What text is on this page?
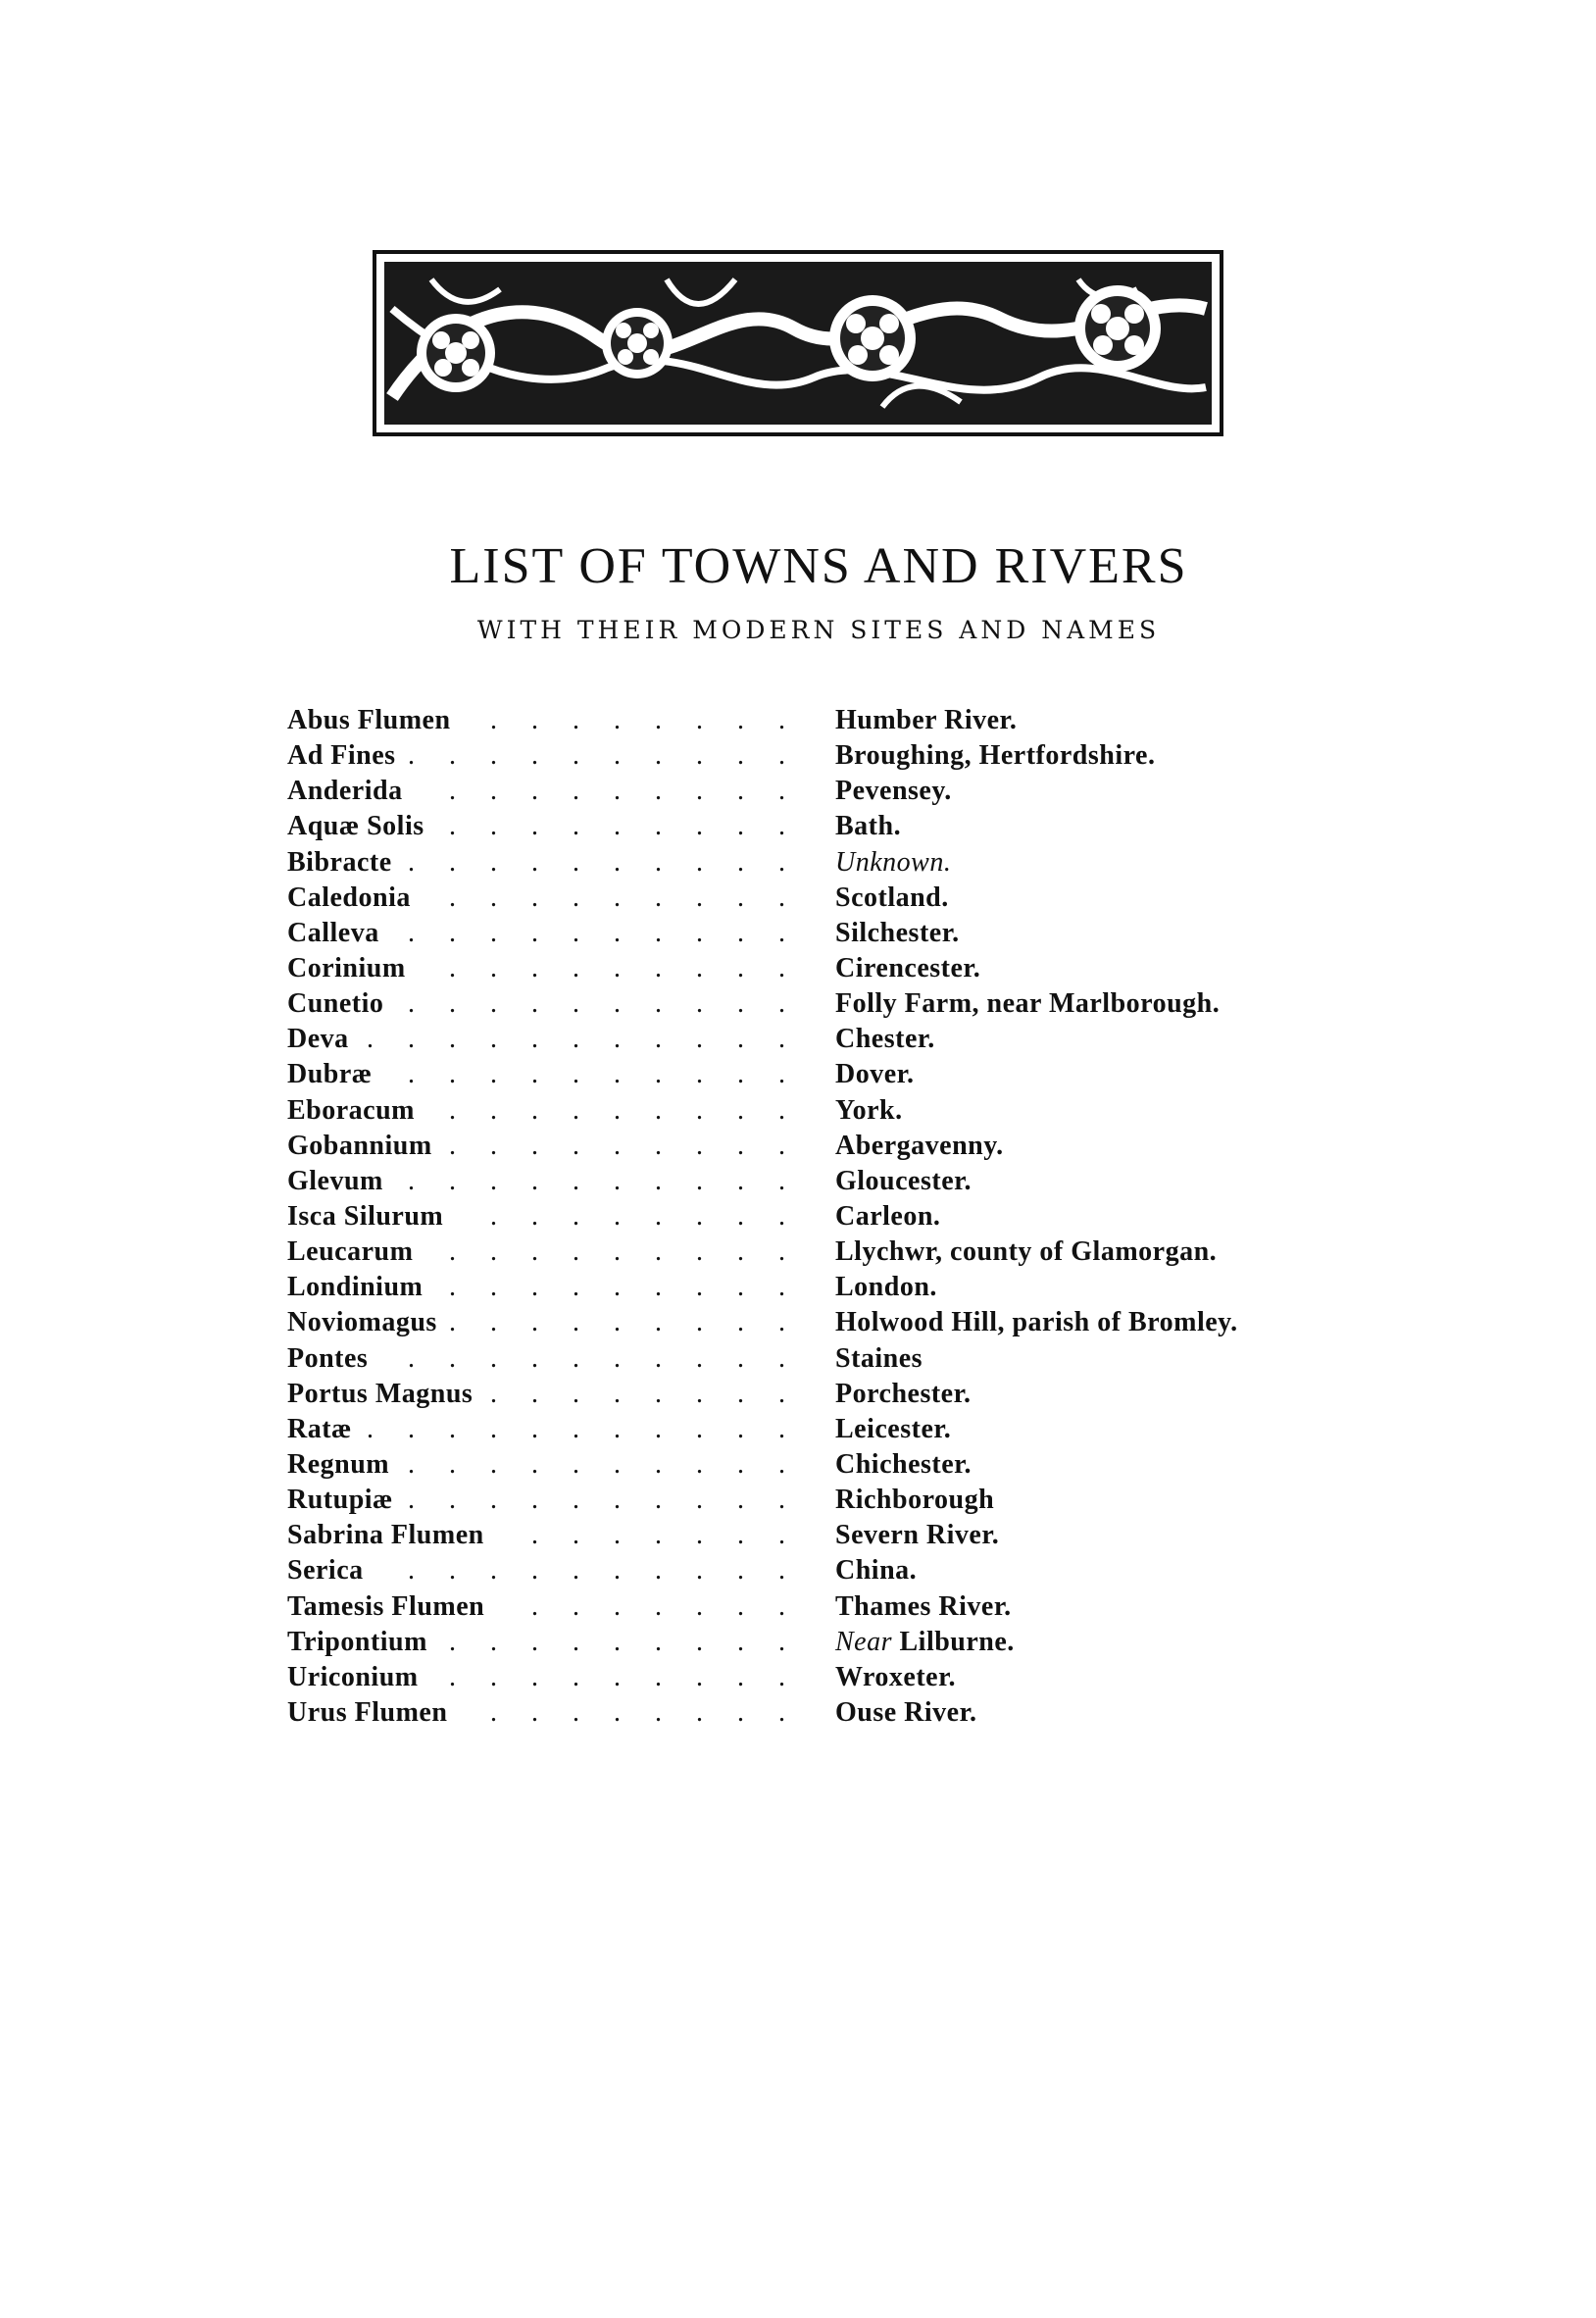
LIST OF TOWNS AND RIVERS
WITH THEIR MODERN SITES AND NAMES
Abus Flumen	. . . . . . . . Humber River.
Ad Fines . . . . . . . . . . Broughing, Hertfordshire.
Anderida	. . . . . . . . . Pevensey.
Aquæ Solis . . . . . . . . . Bath.
Bibracte . . . . . . . . . . Unknown.
Caledonia	. . . . . . . . . Scotland.
Calleva	. . . . . . . . . . Silchester.
Corinium	. . . . . . . . . Cirencester.
Cunetio . . . . . . . . . . Folly Farm, near Marlborough.
Deva . . . . . . . . . . . Chester.
Dubræ	. . . . . . . . . . Dover.
Eboracum	. . . . . . . . . York.
Gobannium . . . . . . . . . Abergavenny.
Glevum . . . . . . . . . . Gloucester.
Isca Silurum	. . . . . . . . Carleon.
Leucarum	. . . . . . . . . Llychwr, county of Glamorgan.
Londinium . . . . . . . . . London.
Noviomagus . . . . . . . . . Holwood Hill, parish of Bromley.
Pontes	. . . . . . . . . . Staines
Portus Magnus . . . . . . . . Porchester.
Ratæ . . . . . . . . . . . Leicester.
Regnum . . . . . . . . . . Chichester.
Rutupiæ . . . . . . . . . . Richborough
Sabrina Flumen	. . . . . . . Severn River.
Serica	. . . . . . . . . . China.
Tamesis Flumen	. . . . . . . Thames River.
Tripontium . . . . . . . . . Near Lilburne.
Uriconium	. . . . . . . . . Wroxeter.
Urus Flumen	. . . . . . . . Ouse River.
